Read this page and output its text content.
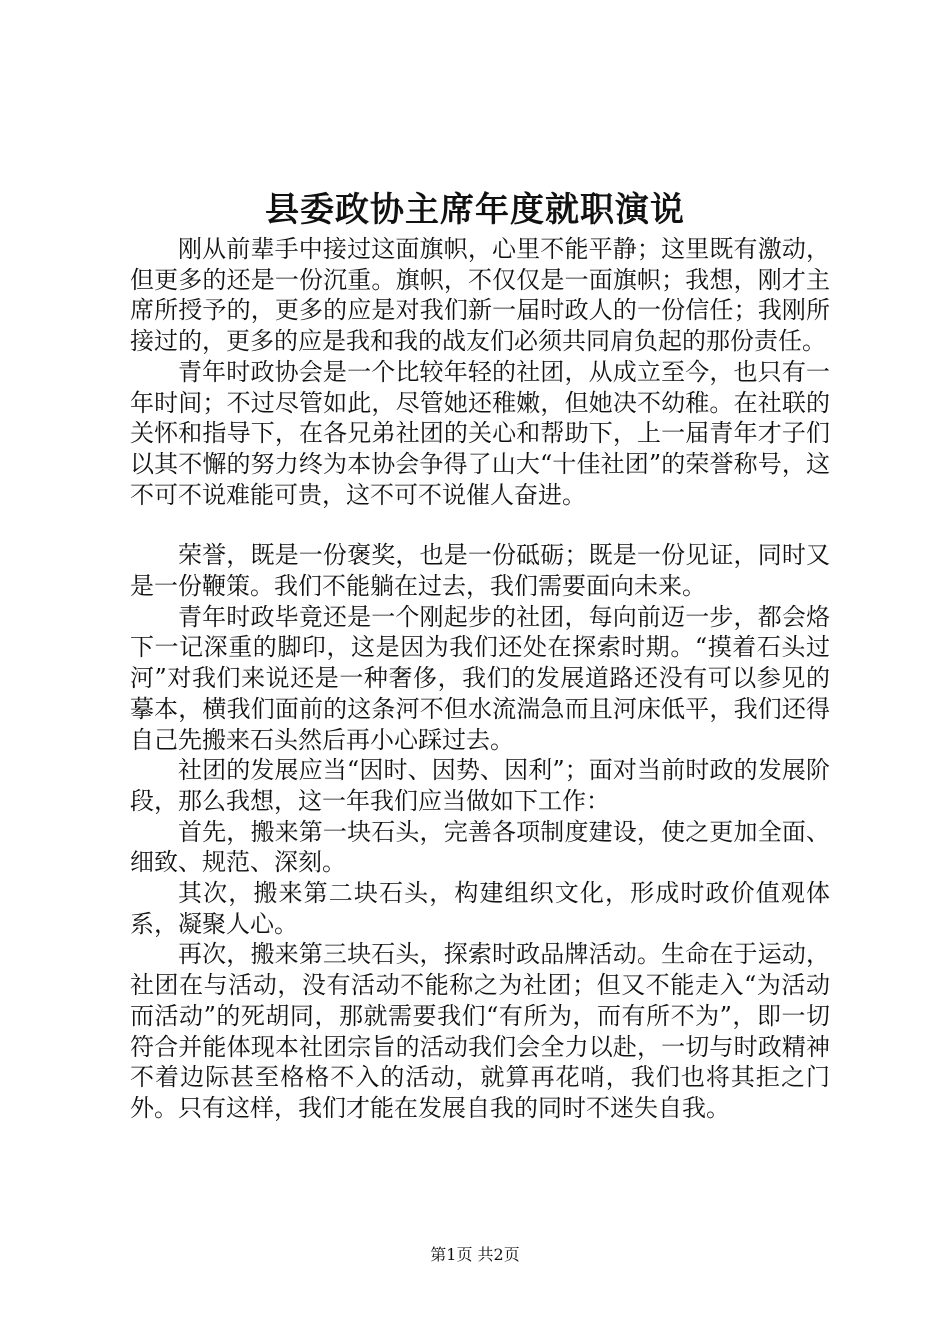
县委政协主席年度就职演说

刚从前辈手中接过这面旗帜，心里不能平静；这里既有激动，但更多的还是一份沉重。旗帜，不仅仅是一面旗帜；我想，刚才主席所授予的，更多的应是对我们新一届时政人的一份信任；我刚所接过的，更多的应是我和我的战友们必须共同肩负起的那份责任。

青年时政协会是一个比较年轻的社团，从成立至今，也只有一年时间；不过尽管如此，尽管她还稚嫩，但她决不幼稚。在社联的关怀和指导下，在各兄弟社团的关心和帮助下，上一届青年才子们以其不懈的努力终为本协会争得了山大“十佳社团”的荣誉称号，这不可不说难能可贵，这不可不说催人奋进。

荣誉，既是一份褒奖，也是一份砥砺；既是一份见证，同时又是一份鞭策。我们不能躺在过去，我们需要面向未来。

青年时政毕竟还是一个刚起步的社团，每向前迈一步，都会烙下一记深重的脚印，这是因为我们还处在探索时期。“摸着石头过河”对我们来说还是一种奢侈，我们的发展道路还没有可以参见的摹本，横我们面前的这条河不但水流湍急而且河床低平，我们还得自己先搬来石头然后再小心踩过去。

社团的发展应当“因时、因势、因利”；面对当前时政的发展阶段，那么我想，这一年我们应当做如下工作：

首先，搬来第一块石头，完善各项制度建设，使之更加全面、细致、规范、深刻。

其次，搬来第二块石头，构建组织文化，形成时政价值观体系，凝聚人心。

再次，搬来第三块石头，探索时政品牌活动。生命在于运动，社团在与活动，没有活动不能称之为社团；但又不能走入“为活动而活动”的死胡同，那就需要我们“有所为，而有所不为”，即一切符合并能体现本社团宗旨的活动我们会全力以赴，一切与时政精神不着边际甚至格格不入的活动，就算再花哨，我们也将其拒之门外。只有这样，我们才能在发展自我的同时不迷失自我。

第1页 共2页
